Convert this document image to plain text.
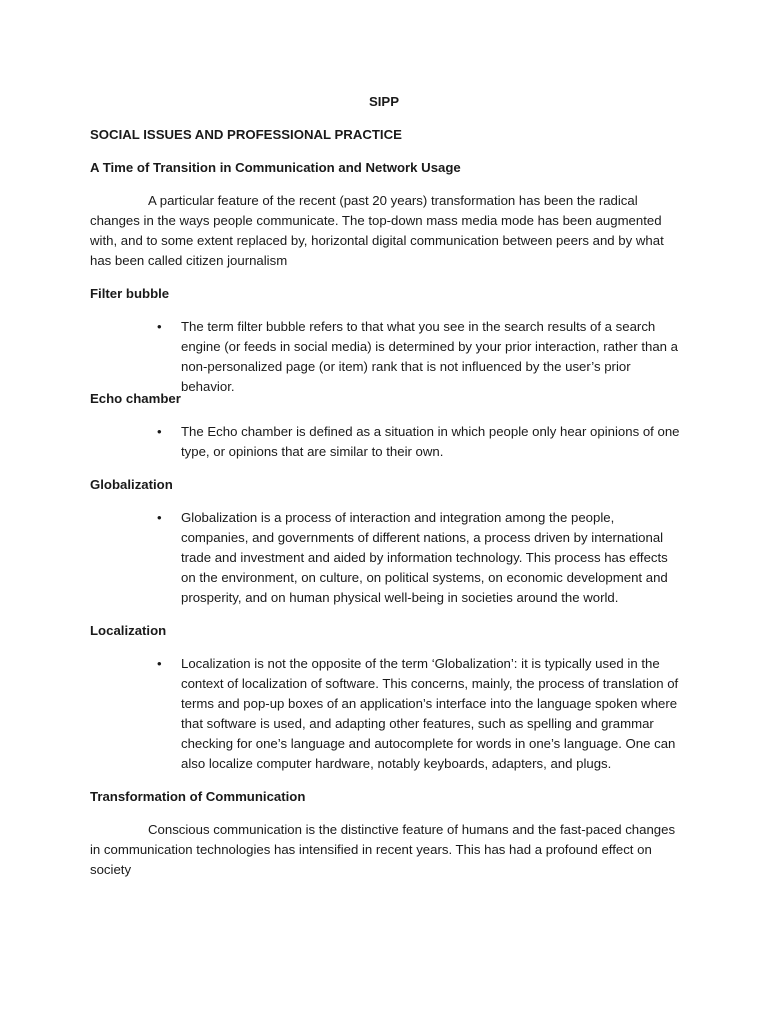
SIPP

SOCIAL ISSUES AND PROFESSIONAL PRACTICE

A Time of Transition in Communication and Network Usage

A particular feature of the recent (past 20 years) transformation has been the radical changes in the ways people communicate. The top-down mass media mode has been augmented with, and to some extent replaced by, horizontal digital communication between peers and by what has been called citizen journalism

Filter bubble

•	The term filter bubble refers to that what you see in the search results of a search engine (or feeds in social media) is determined by your prior interaction, rather than a non-personalized page (or item) rank that is not influenced by the user’s prior behavior.

Echo chamber

•	The Echo chamber is defined as a situation in which people only hear opinions of one type, or opinions that are similar to their own.

Globalization

•	Globalization is a process of interaction and integration among the people, companies, and governments of different nations, a process driven by international trade and investment and aided by information technology. This process has effects on the environment, on culture, on political systems, on economic development and prosperity, and on human physical well-being in societies around the world.

Localization

•	Localization is not the opposite of the term ‘Globalization’: it is typically used in the context of localization of software. This concerns, mainly, the process of translation of terms and pop-up boxes of an application’s interface into the language spoken where that software is used, and adapting other features, such as spelling and grammar checking for one’s language and autocomplete for words in one’s language. One can also localize computer hardware, notably keyboards, adapters, and plugs.

Transformation of Communication

Conscious communication is the distinctive feature of humans and the fast-paced changes in communication technologies has intensified in recent years. This has had a profound effect on society
